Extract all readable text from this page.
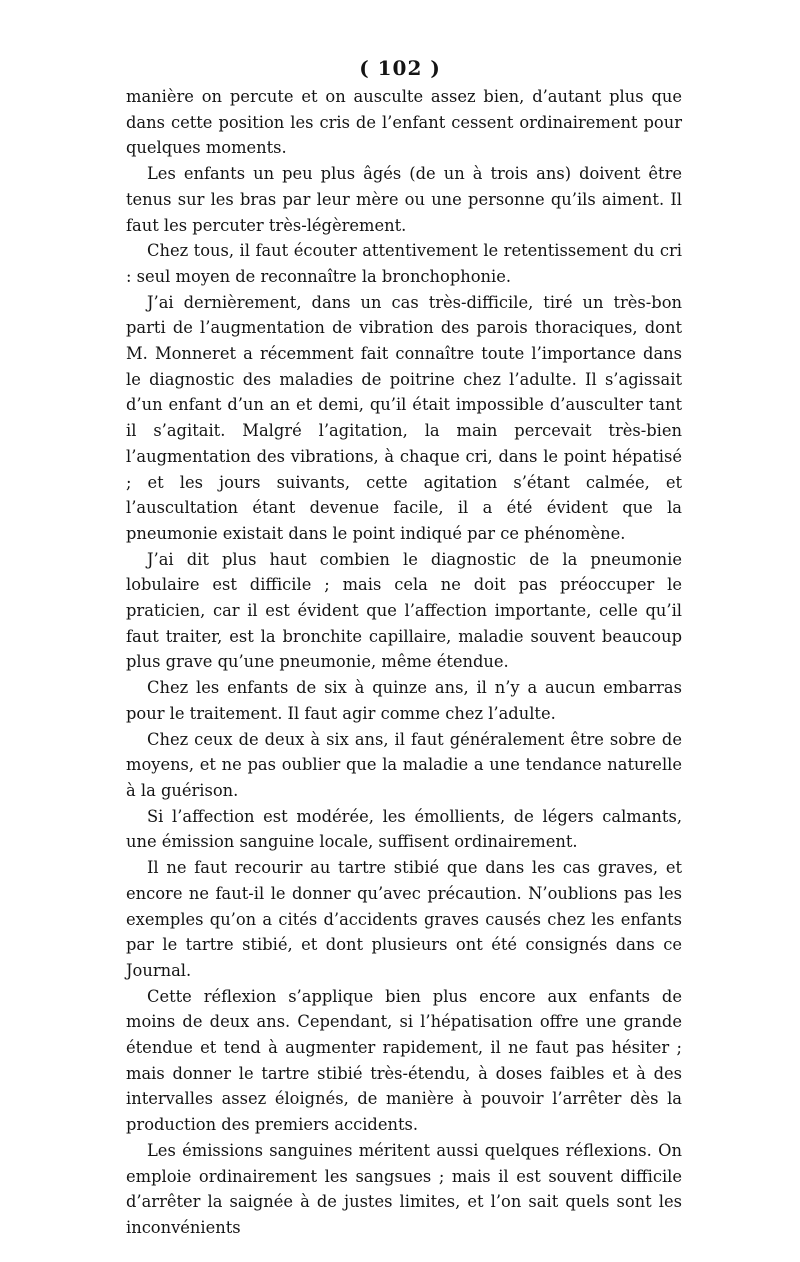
( 102 )

manière on percute et on ausculte assez bien, d’autant plus que dans cette position les cris de l’enfant cessent ordinairement pour quelques moments.

Les enfants un peu plus âgés (de un à trois ans) doivent être tenus sur les bras par leur mère ou une personne qu’ils aiment. Il faut les percuter très-légèrement.

Chez tous, il faut écouter attentivement le retentissement du cri : seul moyen de reconnaître la bronchophonie.

J’ai dernièrement, dans un cas très-difficile, tiré un très-bon parti de l’augmentation de vibration des parois thoraciques, dont M. Monneret a récemment fait connaître toute l’importance dans le diagnostic des maladies de poitrine chez l’adulte. Il s’agissait d’un enfant d’un an et demi, qu’il était impossible d’ausculter tant il s’agitait. Malgré l’agitation, la main percevait très-bien l’augmentation des vibrations, à chaque cri, dans le point hépatisé ; et les jours suivants, cette agitation s’étant calmée, et l’auscultation étant devenue facile, il a été évident que la pneumonie existait dans le point indiqué par ce phénomène.

J’ai dit plus haut combien le diagnostic de la pneumonie lobulaire est difficile ; mais cela ne doit pas préoccuper le praticien, car il est évident que l’affection importante, celle qu’il faut traiter, est la bronchite capillaire, maladie souvent beaucoup plus grave qu’une pneumonie, même étendue.

Chez les enfants de six à quinze ans, il n’y a aucun embarras pour le traitement. Il faut agir comme chez l’adulte.

Chez ceux de deux à six ans, il faut généralement être sobre de moyens, et ne pas oublier que la maladie a une tendance naturelle à la guérison.

Si l’affection est modérée, les émollients, de légers calmants, une émission sanguine locale, suffisent ordinairement.

Il ne faut recourir au tartre stibié que dans les cas graves, et encore ne faut-il le donner qu’avec précaution. N’oublions pas les exemples qu’on a cités d’accidents graves causés chez les enfants par le tartre stibié, et dont plusieurs ont été consignés dans ce Journal.

Cette réflexion s’applique bien plus encore aux enfants de moins de deux ans. Cependant, si l’hépatisation offre une grande étendue et tend à augmenter rapidement, il ne faut pas hésiter ; mais donner le tartre stibié très-étendu, à doses faibles et à des intervalles assez éloignés, de manière à pouvoir l’arrêter dès la production des premiers accidents.

Les émissions sanguines méritent aussi quelques réflexions. On emploie ordinairement les sangsues ; mais il est souvent difficile d’arrêter la saignée à de justes limites, et l’on sait quels sont les inconvénients
